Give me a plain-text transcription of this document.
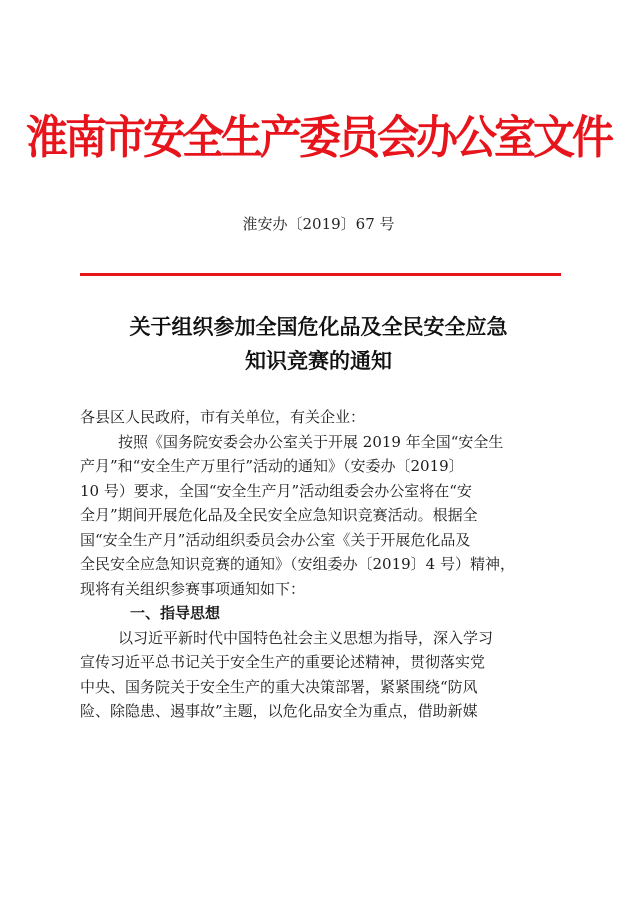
淮南市安全生产委员会办公室文件
淮安办〔2019〕67 号
关于组织参加全国危化品及全民安全应急
知识竞赛的通知
各县区人民政府，市有关单位，有关企业：
按照《国务院安委会办公室关于开展 2019 年全国“安全生
产月”和“安全生产万里行”活动的通知》（安委办〔2019〕
10 号）要求，全国“安全生产月”活动组委会办公室将在“安
全月”期间开展危化品及全民安全应急知识竞赛活动。根据全
国“安全生产月”活动组织委员会办公室《关于开展危化品及
全民安全应急知识竞赛的通知》（安组委办〔2019〕4 号）精神，
现将有关组织参赛事项通知如下：
一、指导思想
以习近平新时代中国特色社会主义思想为指导，深入学习
宣传习近平总书记关于安全生产的重要论述精神，贯彻落实党
中央、国务院关于安全生产的重大决策部署，紧紧围绕“防风
险、除隐患、遏事故”主题，以危化品安全为重点，借助新媒
